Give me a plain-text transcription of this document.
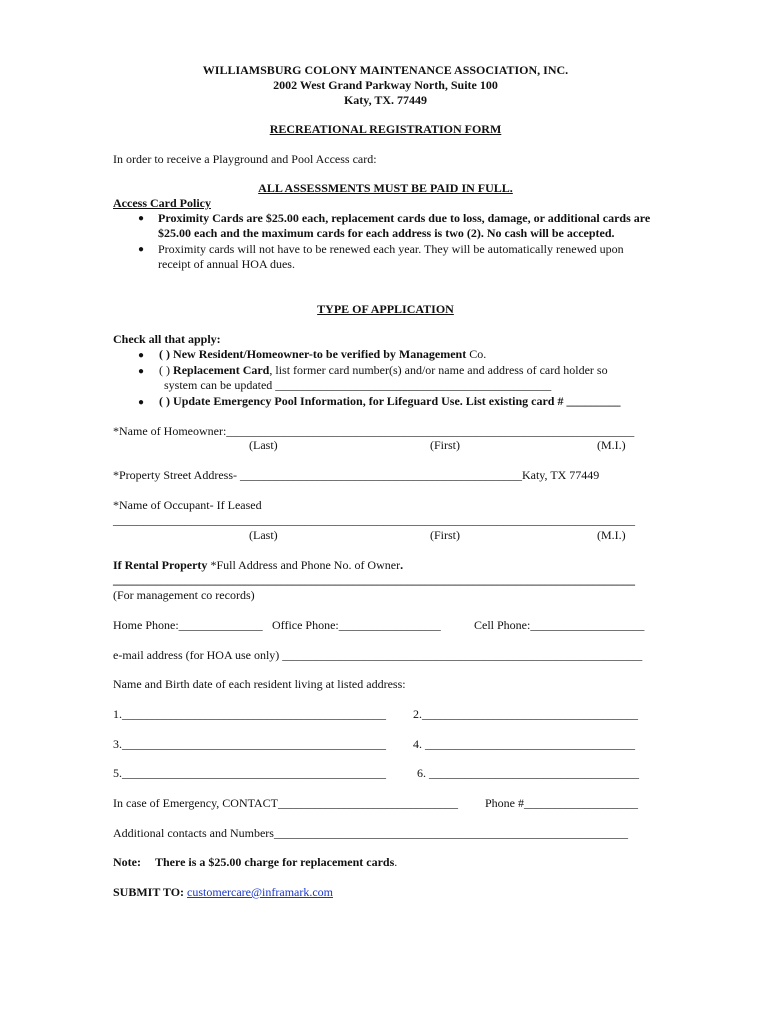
WILLIAMSBURG COLONY MAINTENANCE ASSOCIATION, INC.
2002 West Grand Parkway North, Suite 100
Katy, TX. 77449
RECREATIONAL REGISTRATION FORM
In order to receive a Playground and Pool Access card:
ALL ASSESSMENTS MUST BE PAID IN FULL.
Access Card Policy
● Proximity Cards are $25.00 each, replacement cards due to loss, damage, or additional cards are $25.00 each and the maximum cards for each address is two (2). No cash will be accepted.
● Proximity cards will not have to be renewed each year. They will be automatically renewed upon receipt of annual HOA dues.
TYPE OF APPLICATION
Check all that apply:
● ( ) New Resident/Homeowner-to be verified by Management Co.
● ( ) Replacement Card, list former card number(s) and/or name and address of card holder so
system can be updated ______________________________________________
● ( ) Update Emergency Pool Information, for Lifeguard Use. List existing card # _________
*Name of Homeowner:____________________________________________________________________
(Last)	(First)	(M.I.)
*Property Street Address- _______________________________________________Katy, TX 77449
*Name of Occupant- If Leased
_______________________________________________________________________________________
(Last)	(First)	(M.I.)
If Rental Property *Full Address and Phone No. of Owner.
_______________________________________________________________________________________
(For management co records)
Home Phone:______________ Office Phone:_________________	Cell Phone:___________________
e-mail address (for HOA use only) ____________________________________________________________
Name and Birth date of each resident living at listed address:
1.____________________________________________ 2.____________________________________
3.____________________________________________ 4. ___________________________________
5.____________________________________________	6. ___________________________________
In case of Emergency, CONTACT______________________________ Phone #___________________
Additional contacts and Numbers___________________________________________________________
Note: There is a $25.00 charge for replacement cards.
SUBMIT TO: customercare@inframark.com
